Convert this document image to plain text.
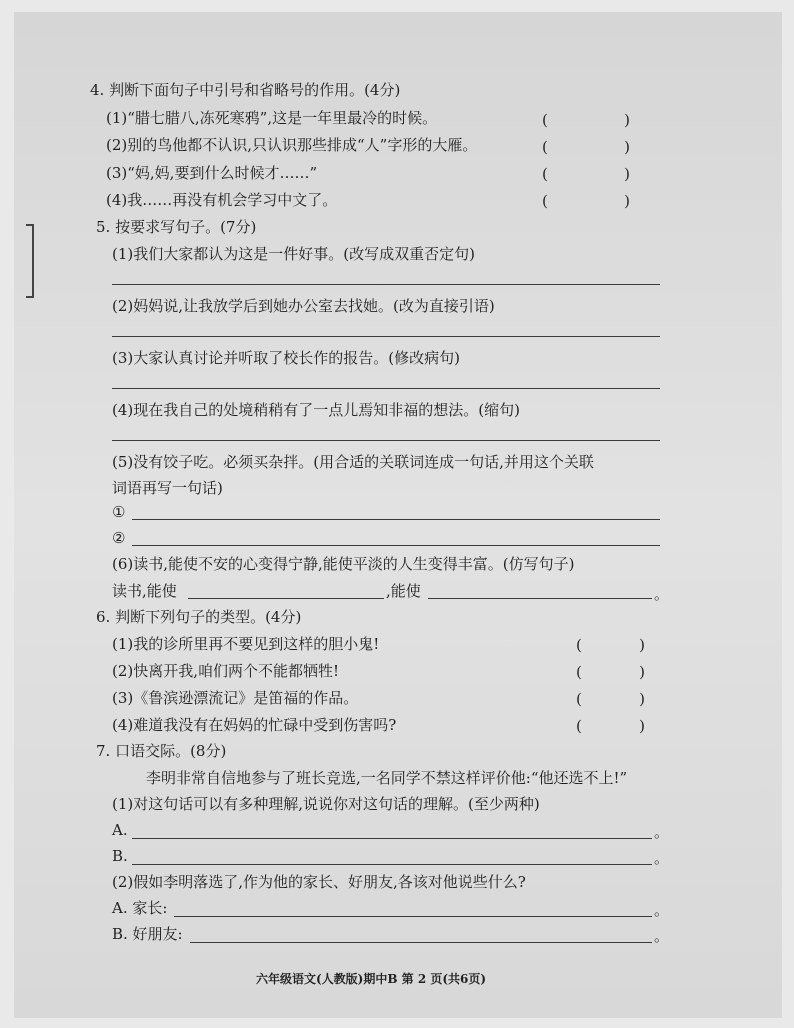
4. 判断下面句子中引号和省略号的作用。(4分)
(1)“腊七腊八,冻死寒鸦”,这是一年里最冷的时候。	(                )
(2)别的鸟他都不认识,只认识那些排成“人”字形的大雁。	(                )
(3)“妈,妈,要到什么时候才……”	(                )
(4)我……再没有机会学习中文了。	(                )
5. 按要求写句子。(7分)
(1)我们大家都认为这是一件好事。(改写成双重否定句)
(2)妈妈说,让我放学后到她办公室去找她。(改为直接引语)
(3)大家认真讨论并听取了校长作的报告。(修改病句)
(4)现在我自己的处境稍稍有了一点儿焉知非福的想法。(缩句)
(5)没有饺子吃。必须买杂拌。(用合适的关联词连成一句话,并用这个关联
词语再写一句话)
①
②
(6)读书,能使不安的心变得宁静,能使平淡的人生变得丰富。(仿写句子)
读书,能使	,能使	。
6. 判断下列句子的类型。(4分)
(1)我的诊所里再不要见到这样的胆小鬼!	(            )
(2)快离开我,咱们两个不能都牺牲!	(            )
(3)《鲁滨逊漂流记》是笛福的作品。	(            )
(4)难道我没有在妈妈的忙碌中受到伤害吗?	(            )
7. 口语交际。(8分)
李明非常自信地参与了班长竞选,一名同学不禁这样评价他:“他还选不上!”
(1)对这句话可以有多种理解,说说你对这句话的理解。(至少两种)
A.	。
B.	。
(2)假如李明落选了,作为他的家长、好朋友,各该对他说些什么?
A. 家长:	。
B. 好朋友:	。
六年级语文(人教版)期中B 第 2 页(共6页)
